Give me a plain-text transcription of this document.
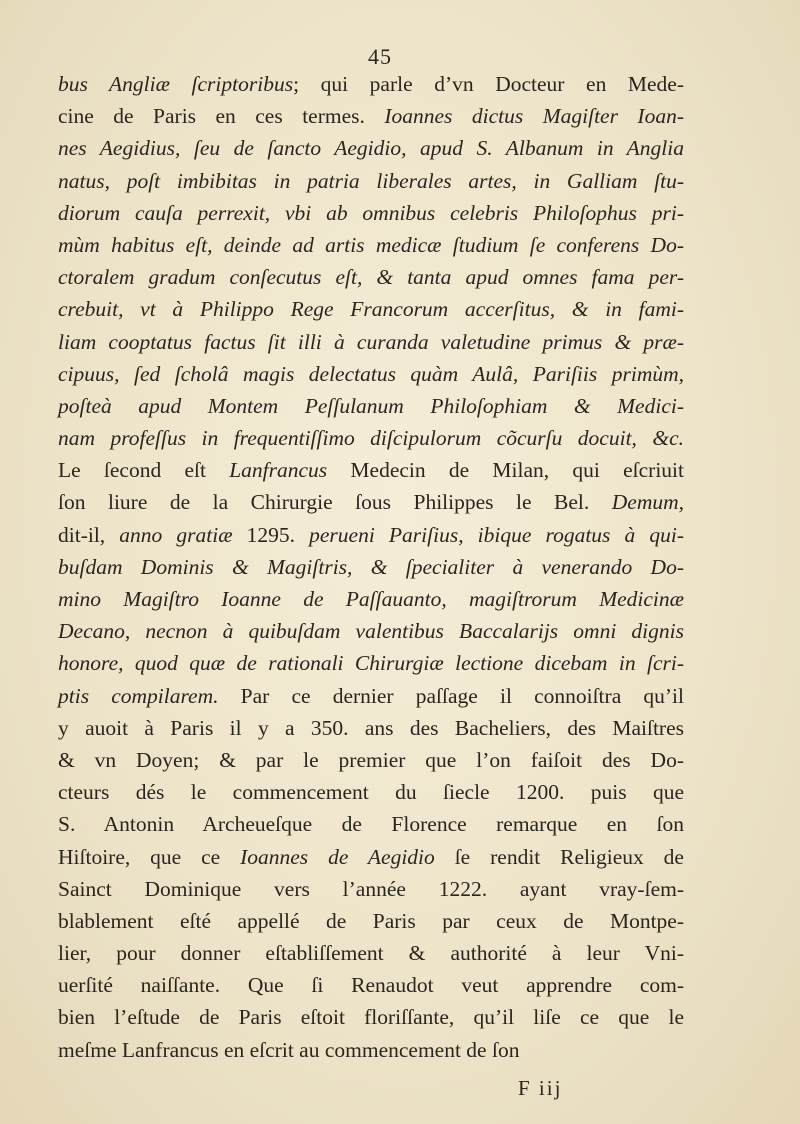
45
bus Angliæ ſcriptoribus; qui parle d’vn Docteur en Mede-
cine de Paris en ces termes. Ioannes dictus Magiſter Ioan-
nes Aegidius, ſeu de ſancto Aegidio, apud S. Albanum in Anglia
natus, poſt imbibitas in patria liberales artes, in Galliam ſtu-
diorum cauſa perrexit, vbi ab omnibus celebris Philoſophus pri-
mùm habitus eſt, deinde ad artis medicæ ſtudium ſe conferens Do-
ctoralem gradum conſecutus eſt, & tanta apud omnes fama per-
crebuit, vt à Philippo Rege Francorum accerſitus, & in fami-
liam cooptatus factus ſit illi à curanda valetudine primus & præ-
cipuus, ſed ſcholâ magis delectatus quàm Aulâ, Pariſiis primùm,
poſteà apud Montem Peſſulanum Philoſophiam & Medici-
nam profeſſus in frequentiſſimo diſcipulorum cõcurſu docuit, &c.
Le ſecond eſt Lanfrancus Medecin de Milan, qui eſcriuit
ſon liure de la Chirurgie ſous Philippes le Bel. Demum,
dit-il, anno gratiæ 1295. perueni Pariſius, ibique rogatus à qui-
buſdam Dominis & Magiſtris, & ſpecialiter à venerando Do-
mino Magiſtro Ioanne de Paſſauanto, magiſtrorum Medicinæ
Decano, necnon à quibuſdam valentibus Baccalarijs omni dignis
honore, quod quæ de rationali Chirurgiæ lectione dicebam in ſcri-
ptis compilarem. Par ce dernier paſſage il connoiſtra qu’il
y auoit à Paris il y a 350. ans des Bacheliers, des Maiſtres
& vn Doyen; & par le premier que l’on faiſoit des Do-
cteurs dés le commencement du ſiecle 1200. puis que
S. Antonin Archeueſque de Florence remarque en ſon
Hiſtoire, que ce Ioannes de Aegidio ſe rendit Religieux de
Sainct Dominique vers l’année 1222. ayant vray-ſem-
blablement eſté appellé de Paris par ceux de Montpe-
lier, pour donner eſtabliſſement & authorité à leur Vni-
uerſité naiſſante. Que ſi Renaudot veut apprendre com-
bien l’eſtude de Paris eſtoit floriſſante, qu’il liſe ce que le
meſme Lanfrancus en eſcrit au commencement de ſon
F iij
